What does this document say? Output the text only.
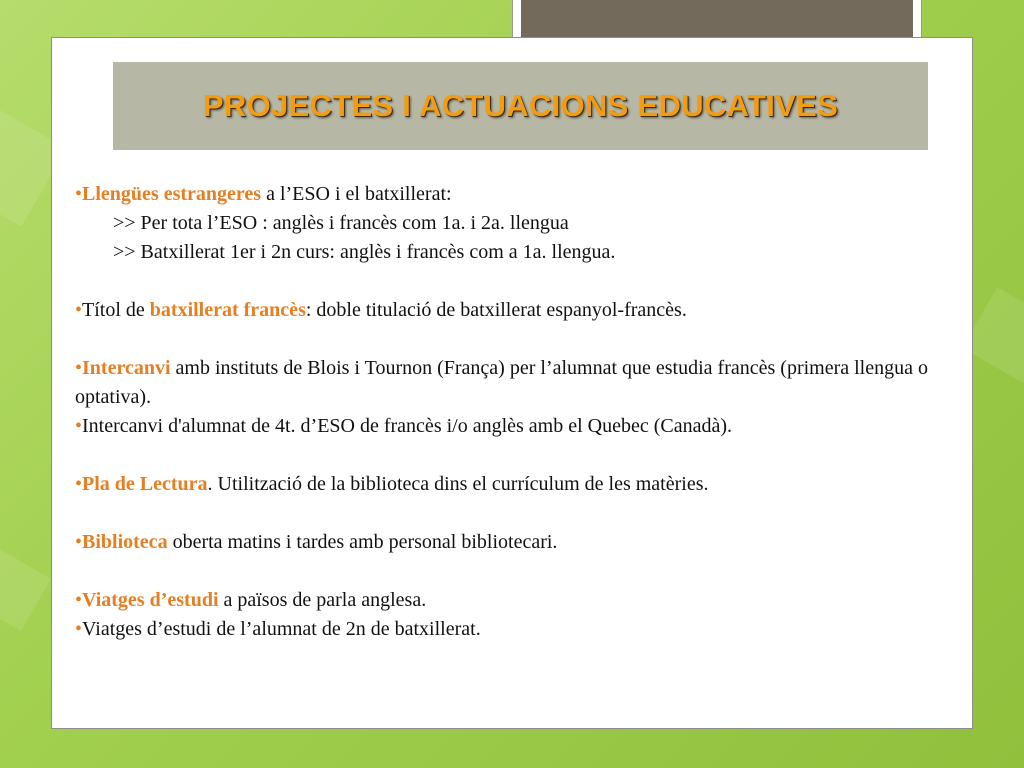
PROJECTES I ACTUACIONS EDUCATIVES
•Llengües estrangeres a l’ESO i el batxillerat:
>> Per tota l’ESO : anglès i francès com 1a. i 2a. llengua
>> Batxillerat 1er i 2n curs: anglès i francès com a 1a. llengua.
•Títol de batxillerat francès: doble titulació de batxillerat espanyol-francès.
•Intercanvi amb instituts de Blois i Tournon (França) per l’alumnat que estudia francès (primera llengua o optativa).
•Intercanvi d'alumnat de 4t. d’ESO de francès i/o anglès amb el Quebec (Canadà).
•Pla de Lectura. Utilització de la biblioteca dins el currículum de les matèries.
•Biblioteca oberta matins i tardes amb personal bibliotecari.
•Viatges d’estudi a països de parla anglesa.
•Viatges d’estudi de l’alumnat de 2n de batxillerat.
